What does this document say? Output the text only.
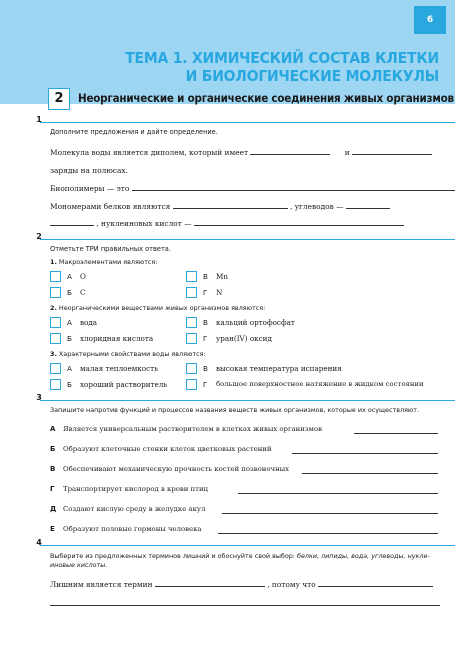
6
ТЕМА 1. ХИМИЧЕСКИЙ СОСТАВ КЛЕТКИ
И БИОЛОГИЧЕСКИЕ МОЛЕКУЛЫ
2	Неорганические и органические соединения живых организмов
1
Дополните предложения и дайте определение.
Молекула воды является диполем, который имеет	и
заряды на полюсах.
Биополимеры — это
Мономерами белков являются	, углеводов —
, нуклеиновых кислот —
2
Отметьте ТРИ правильных ответа.
1. Макроэлементами являются:
А O
Б C
В Mn
Г N
2. Неорганическими веществами живых организмов являются:
А вода
Б хлоридная кислота
В кальций ортофосфат
Г уран(IV) оксид
3. Характерными свойствами воды являются:
А малая теплоемкость
Б хороший растворитель
В высокая температура испарения
Г большое поверхностное натяжение в жидком состоянии
3
Запишите напротив функций и процессов названия веществ живых организмов, которые их осуществляют.
А Является универсальным растворителем в клетках живых организмов
Б Образуют клеточные стенки клеток цветковых растений
В Обеспечивают механическую прочность костей позвоночных
Г Транспортирует кислород в крови птиц
Д Создают кислую среду в желудке акул
Е Образуют половые гормоны человека
4
Выберите из предложенных терминов лишний и обоснуйте свой выбор: белки, липиды, вода, углеводы, нукле-
иновые кислоты.
Лишним является термин	, потому что
